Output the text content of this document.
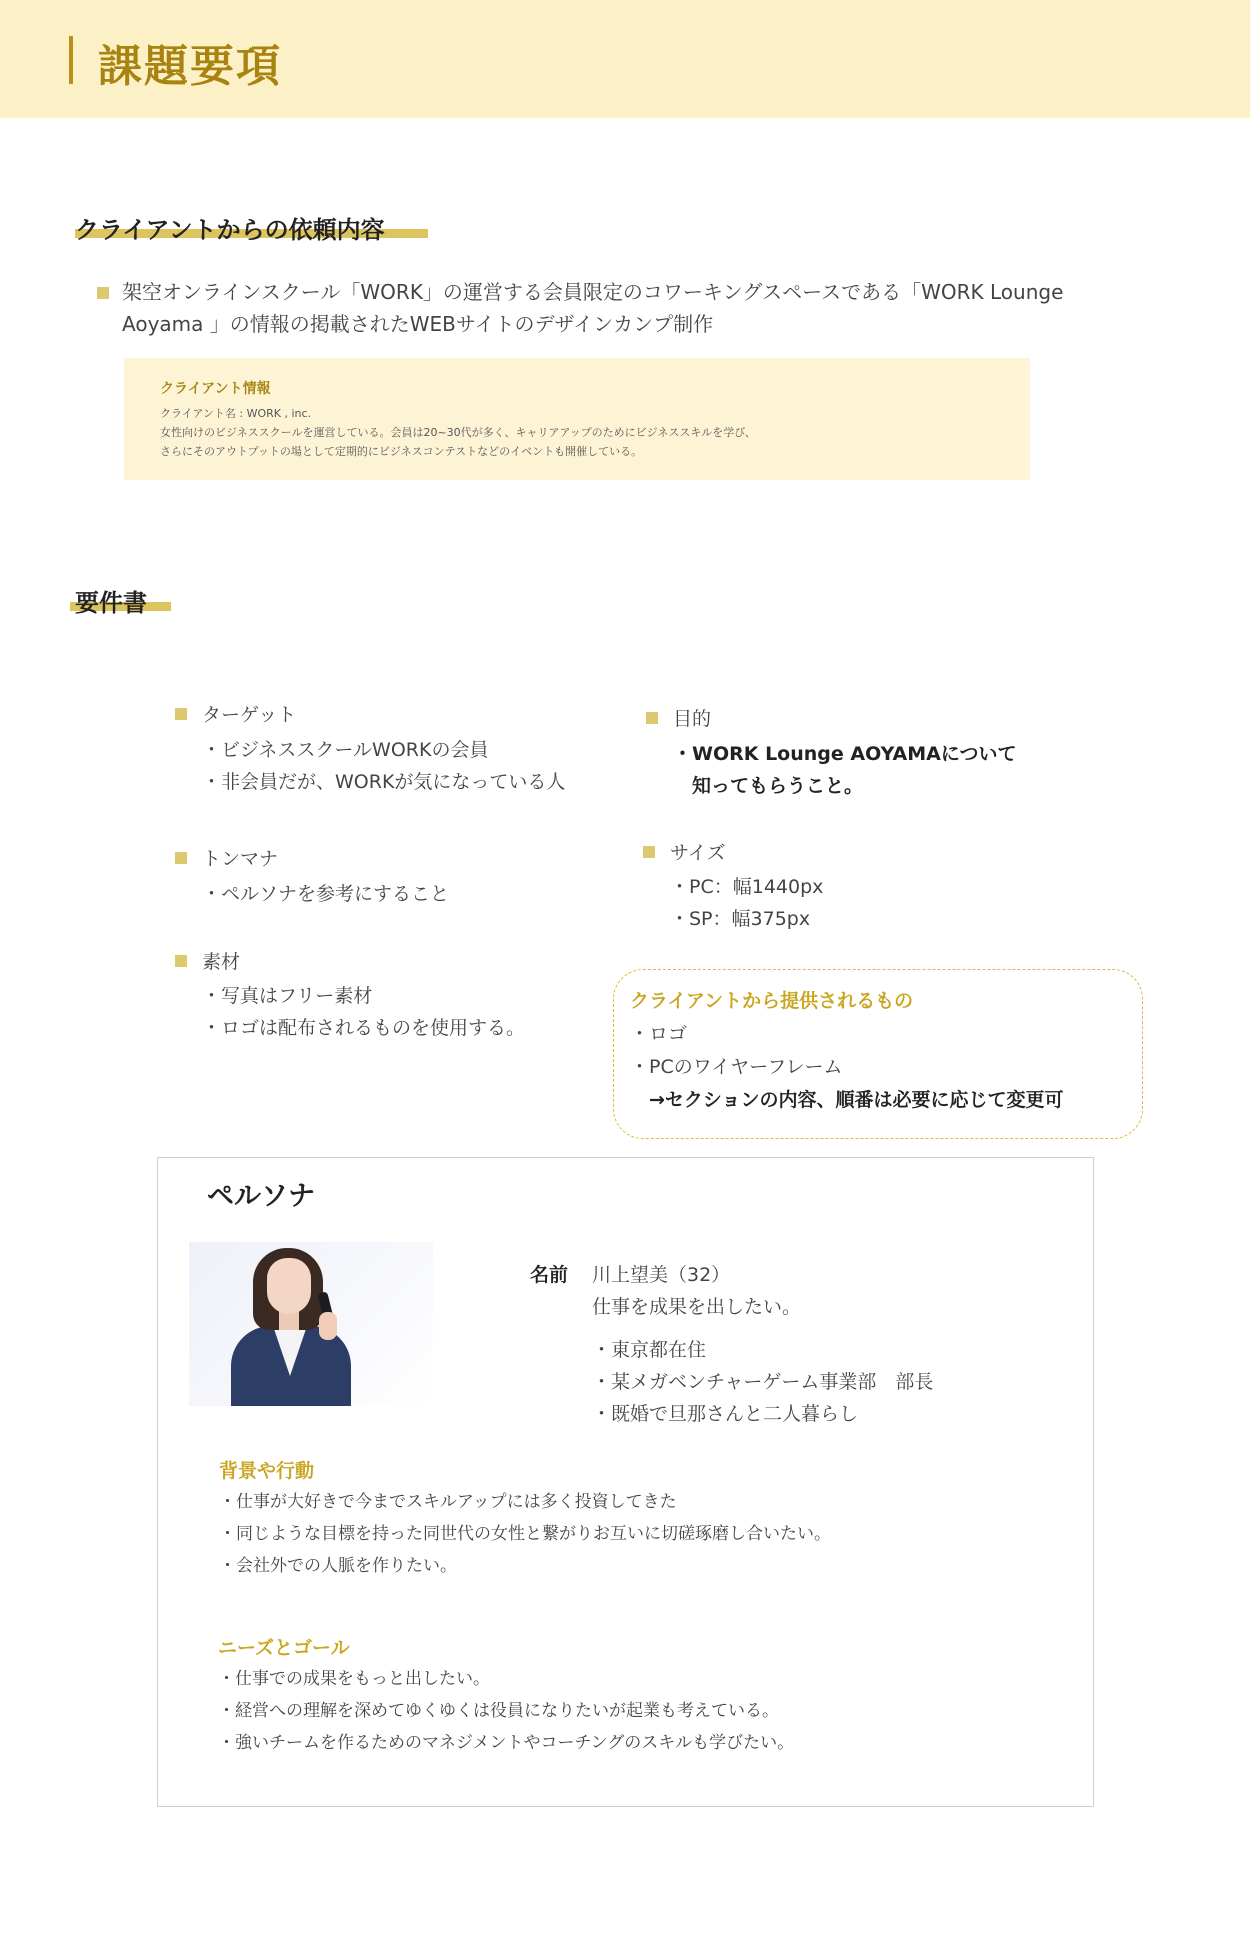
課題要項
クライアントからの依頼内容
架空オンラインスクール「WORK」の運営する会員限定のコワーキングスペースである「WORK Lounge Aoyama 」の情報の掲載されたWEBサイトのデザインカンプ制作
クライアント情報
クライアント名 : WORK , inc.
女性向けのビジネススクールを運営している。会員は20~30代が多く、キャリアアップのためにビジネススキルを学び、
さらにそのアウトプットの場として定期的にビジネスコンテストなどのイベントも開催している。
要件書
ターゲット
・ビジネススクールWORKの会員
・非会員だが、WORKが気になっている人
目的
・WORK Lounge AOYAMAについて
　知ってもらうこと。
トンマナ
・ペルソナを参考にすること
サイズ
・PC：幅1440px
・SP：幅375px
素材
・写真はフリー素材
・ロゴは配布されるものを使用する。
クライアントから提供されるもの
・ロゴ
・PCのワイヤーフレーム
　→セクションの内容、順番は必要に応じて変更可
ペルソナ
名前 川上望美（32）
仕事を成果を出したい。
・東京都在住
・某メガベンチャーゲーム事業部　部長
・既婚で旦那さんと二人暮らし
背景や行動
・仕事が大好きで今までスキルアップには多く投資してきた
・同じような目標を持った同世代の女性と繋がりお互いに切磋琢磨し合いたい。
・会社外での人脈を作りたい。
ニーズとゴール
・仕事での成果をもっと出したい。
・経営への理解を深めてゆくゆくは役員になりたいが起業も考えている。
・強いチームを作るためのマネジメントやコーチングのスキルも学びたい。
